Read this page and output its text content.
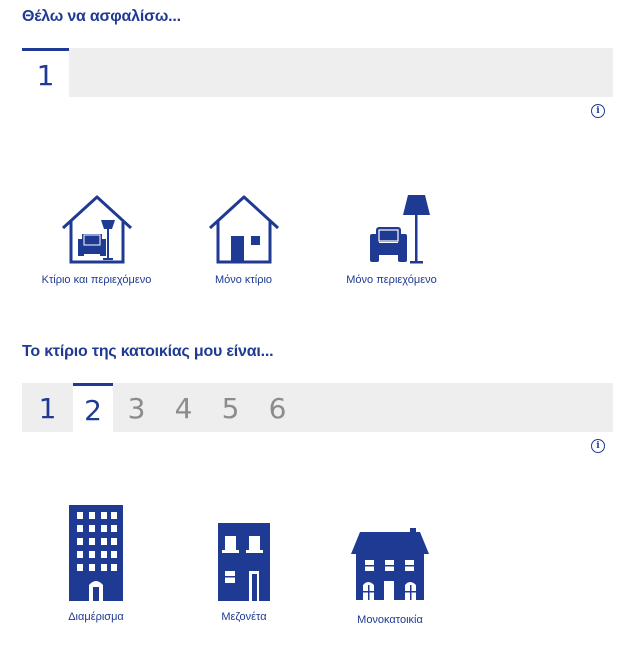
Θέλω να ασφαλίσω...
1
i
Κτίριο και περιεχόμενο	Μόνο κτίριο	Μόνο περιεχόμενο
Το κτίριο της κατοικίας μου είναι...
1 2 3	4	5	6
i
Διαμέρισμα	Μεζονέτα	Μονοκατοικία
